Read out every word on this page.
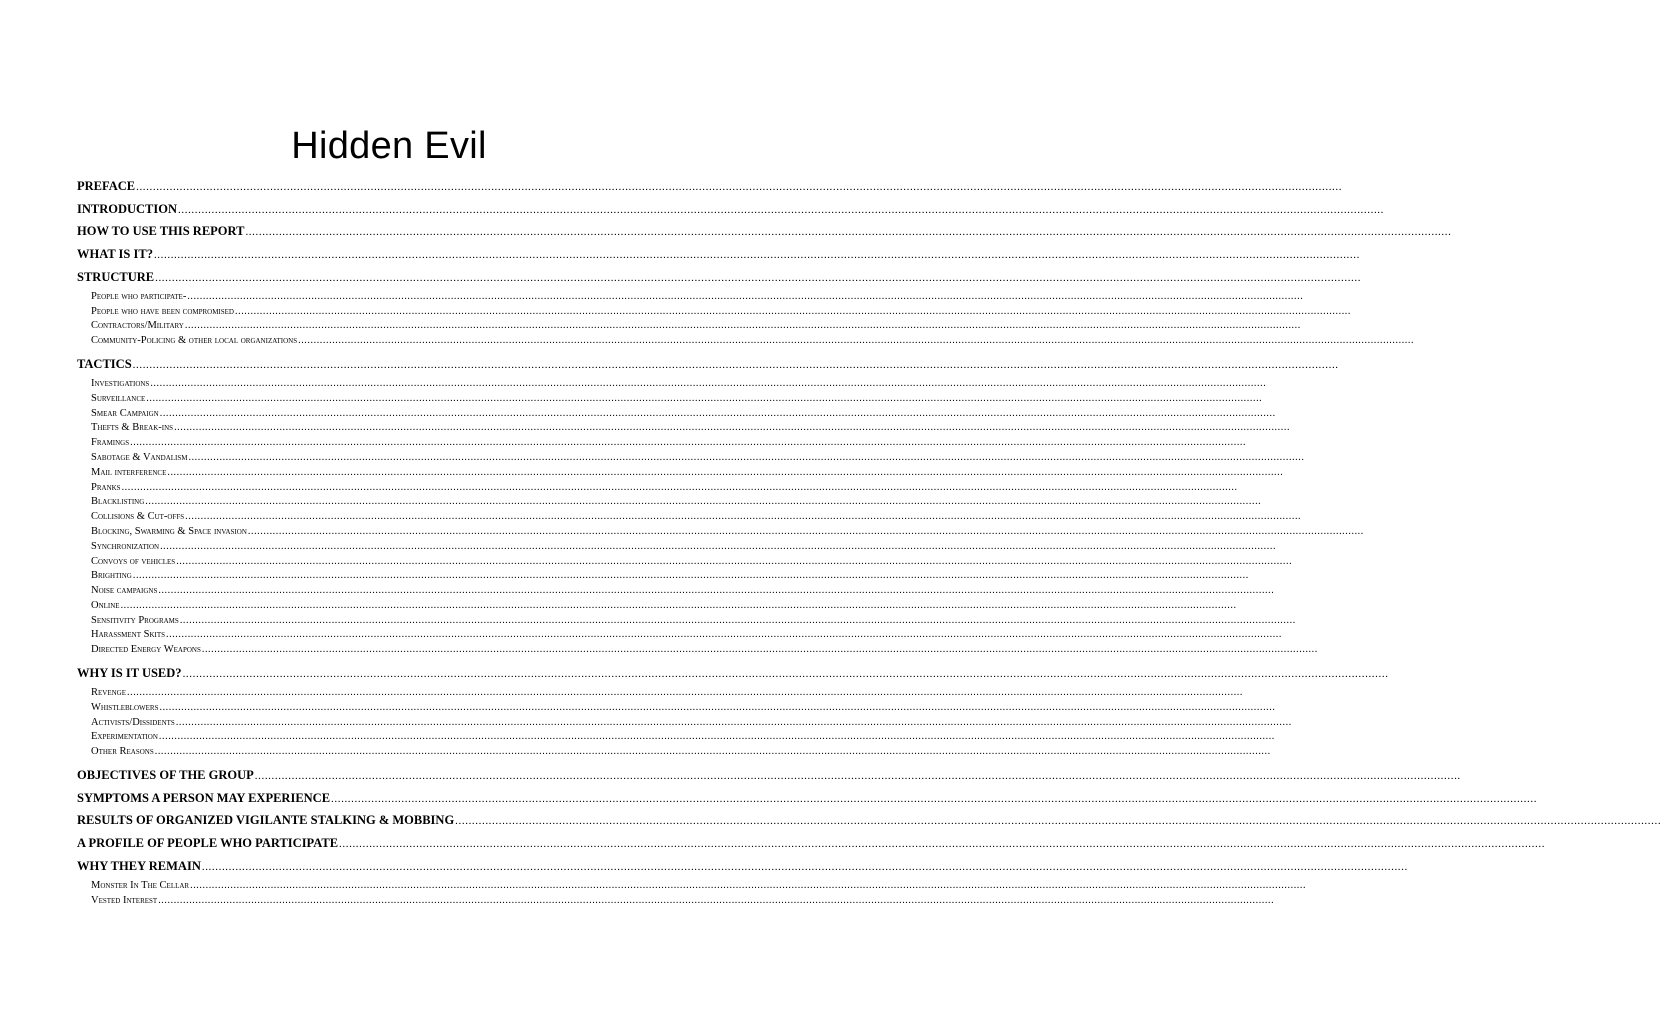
Hidden Evil
PREFACE ........................................................................................................................................................................................................................................................................................................................................................................
INTRODUCTION ........................................................................................................................................................................................................................................................................................................................................................................
HOW TO USE THIS REPORT ........................................................................................................................................................................................................................................................................................................................................................................
WHAT IS IT? ........................................................................................................................................................................................................................................................................................................................................................................
STRUCTURE ........................................................................................................................................................................................................................................................................................................................................................................
People who participate- ........................................................................................................................................................................................................................................................................................................................................................................
People who have been compromised ........................................................................................................................................................................................................................................................................................................................................................................
Contractors/Military ........................................................................................................................................................................................................................................................................................................................................................................
Community-Policing & other local organizations ........................................................................................................................................................................................................................................................................................................................................................................
TACTICS ........................................................................................................................................................................................................................................................................................................................................................................
Investigations ........................................................................................................................................................................................................................................................................................................................................................................
Surveillance ........................................................................................................................................................................................................................................................................................................................................................................
Smear Campaign ........................................................................................................................................................................................................................................................................................................................................................................
Thefts & Break-ins ........................................................................................................................................................................................................................................................................................................................................................................
Framings ........................................................................................................................................................................................................................................................................................................................................................................
Sabotage & Vandalism ........................................................................................................................................................................................................................................................................................................................................................................
Mail interference ........................................................................................................................................................................................................................................................................................................................................................................
Pranks ........................................................................................................................................................................................................................................................................................................................................................................
Blacklisting ........................................................................................................................................................................................................................................................................................................................................................................
Collisions & Cut-offs ........................................................................................................................................................................................................................................................................................................................................................................
Blocking, Swarming & Space invasion ........................................................................................................................................................................................................................................................................................................................................................................
Synchronization ........................................................................................................................................................................................................................................................................................................................................................................
Convoys of vehicles ........................................................................................................................................................................................................................................................................................................................................................................
Brighting ........................................................................................................................................................................................................................................................................................................................................................................
Noise campaigns ........................................................................................................................................................................................................................................................................................................................................................................
Online ........................................................................................................................................................................................................................................................................................................................................................................
Sensitivity Programs ........................................................................................................................................................................................................................................................................................................................................................................
Harassment Skits ........................................................................................................................................................................................................................................................................................................................................................................
Directed Energy Weapons ........................................................................................................................................................................................................................................................................................................................................................................
WHY IS IT USED? ........................................................................................................................................................................................................................................................................................................................................................................
Revenge ........................................................................................................................................................................................................................................................................................................................................................................
Whistleblowers ........................................................................................................................................................................................................................................................................................................................................................................
Activists/Dissidents ........................................................................................................................................................................................................................................................................................................................................................................
Experimentation ........................................................................................................................................................................................................................................................................................................................................................................
Other Reasons ........................................................................................................................................................................................................................................................................................................................................................................
OBJECTIVES OF THE GROUP ........................................................................................................................................................................................................................................................................................................................................................................
SYMPTOMS A PERSON MAY EXPERIENCE ........................................................................................................................................................................................................................................................................................................................................................................
RESULTS OF ORGANIZED VIGILANTE STALKING & MOBBING ........................................................................................................................................................................................................................................................................................................................................................................
A PROFILE OF PEOPLE WHO PARTICIPATE ........................................................................................................................................................................................................................................................................................................................................................................
WHY THEY REMAIN ........................................................................................................................................................................................................................................................................................................................................................................
Monster In The Cellar ........................................................................................................................................................................................................................................................................................................................................................................
Vested Interest ........................................................................................................................................................................................................................................................................................................................................................................
